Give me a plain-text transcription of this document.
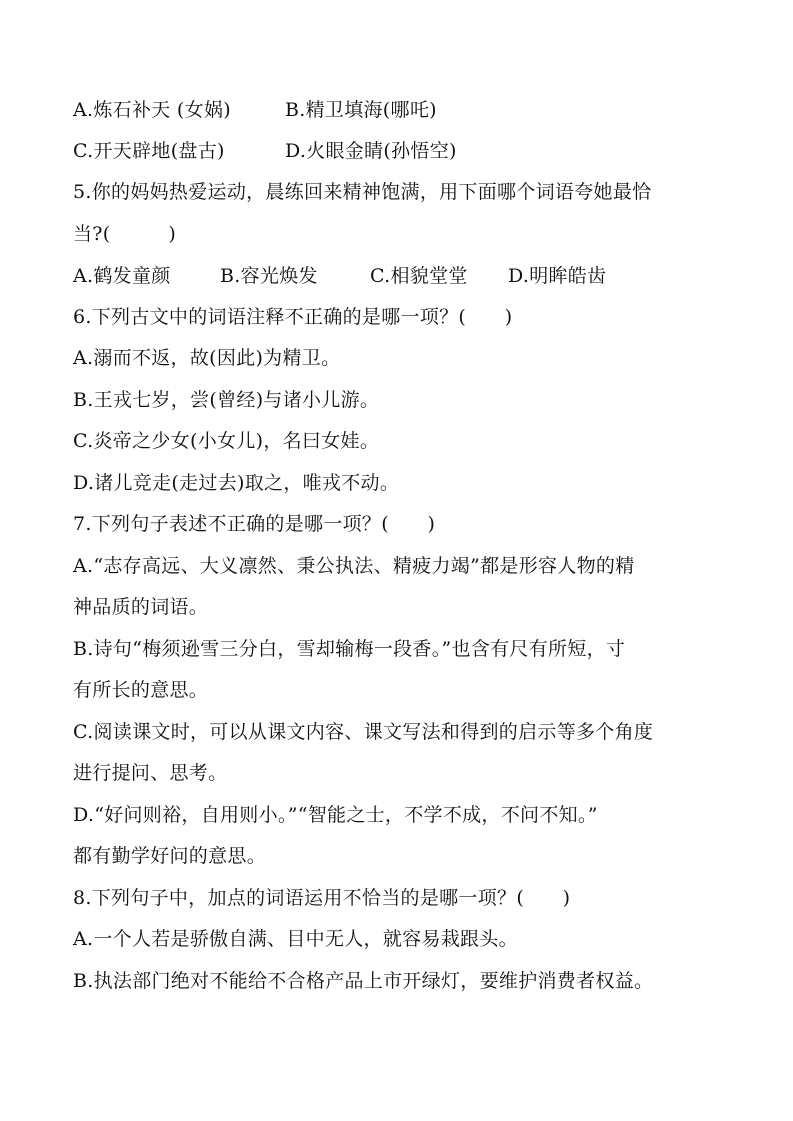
A.炼石补天 (女娲)	B.精卫填海(哪吒)
C.开天辟地(盘古)	D.火眼金睛(孙悟空)
5.你的妈妈热爱运动，晨练回来精神饱满，用下面哪个词语夸她最恰
当?(　　　)
A.鹤发童颜	B.容光焕发	C.相貌堂堂 D.明眸皓齿
6.下列古文中的词语注释不正确的是哪一项？(　　)
A.溺而不返，故(因此)为精卫。
B.王戎七岁，尝(曾经)与诸小儿游。
C.炎帝之少女(小女儿)，名曰女娃。
D.诸儿竞走(走过去)取之，唯戎不动。
7.下列句子表述不正确的是哪一项？(　　)
A.“志存高远、大义凛然、秉公执法、精疲力竭”都是形容人物的精
神品质的词语。
B.诗句“梅须逊雪三分白，雪却输梅一段香。”也含有尺有所短，寸
有所长的意思。
C.阅读课文时，可以从课文内容、课文写法和得到的启示等多个角度
进行提问、思考。
D.“好问则裕，自用则小。”“智能之士，不学不成，不问不知。”
都有勤学好问的意思。
8.下列句子中，加点的词语运用不恰当的是哪一项？(　　)
A.一个人若是骄傲自满、目中无人，就容易栽跟头。
B.执法部门绝对不能给不合格产品上市开绿灯，要维护消费者权益。
